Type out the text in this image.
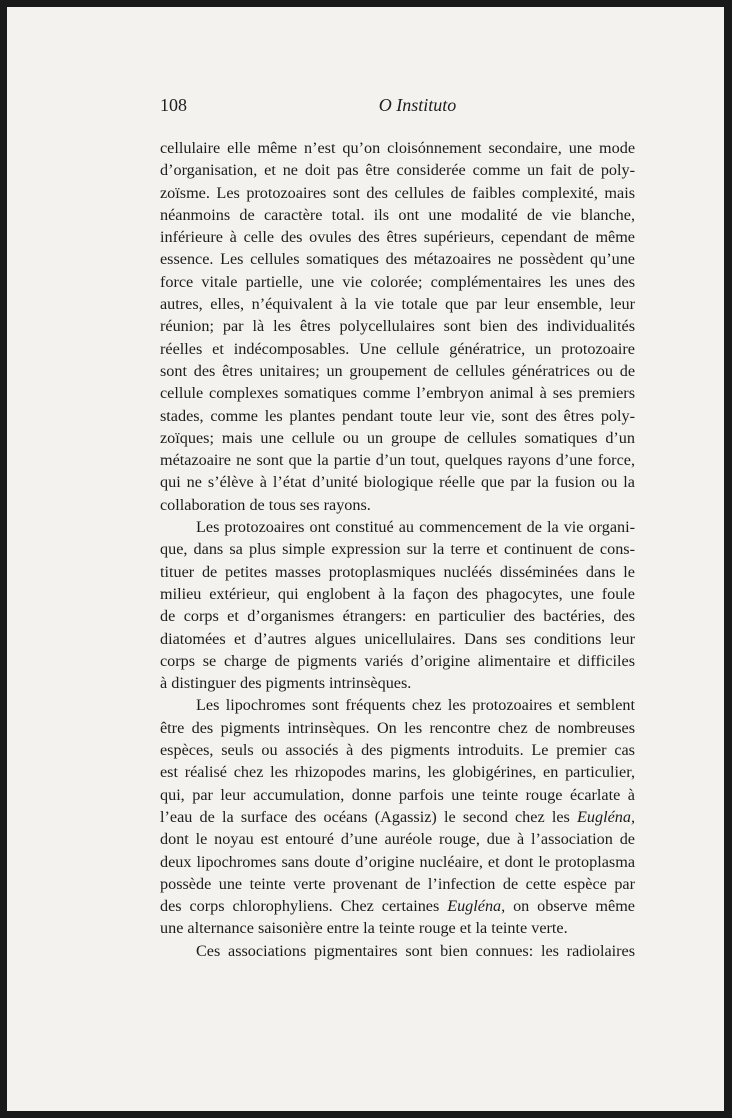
108	O Instituto
cellulaire elle même n’est qu’on cloisónnement secondaire, une mode
d’organisation, et ne doit pas être considerée comme un fait de poly-
zoïsme. Les protozoaires sont des cellules de faibles complexité, mais
néanmoins de caractère total. ils ont une modalité de vie blanche,
inférieure à celle des ovules des êtres supérieurs, cependant de même
essence. Les cellules somatiques des métazoaires ne possèdent qu’une
force vitale partielle, une vie colorée; complémentaires les unes des
autres, elles, n’équivalent à la vie totale que par leur ensemble, leur
réunion; par là les êtres polycellulaires sont bien des individualités
réelles et indécomposables. Une cellule génératrice, un protozoaire
sont des êtres unitaires; un groupement de cellules génératrices ou de
cellule complexes somatiques comme l’embryon animal à ses premiers
stades, comme les plantes pendant toute leur vie, sont des êtres poly-
zoïques; mais une cellule ou un groupe de cellules somatiques d’un
métazoaire ne sont que la partie d’un tout, quelques rayons d’une force,
qui ne s’élève à l’état d’unité biologique réelle que par la fusion ou la
collaboration de tous ses rayons.
Les protozoaires ont constitué au commencement de la vie organi-
que, dans sa plus simple expression sur la terre et continuent de cons-
tituer de petites masses protoplasmiques nucléés disséminées dans le
milieu extérieur, qui englobent à la façon des phagocytes, une foule
de corps et d’organismes étrangers: en particulier des bactéries, des
diatomées et d’autres algues unicellulaires. Dans ses conditions leur
corps se charge de pigments variés d’origine alimentaire et difficiles
à distinguer des pigments intrinsèques.
Les lipochromes sont fréquents chez les protozoaires et semblent
être des pigments intrinsèques. On les rencontre chez de nombreuses
espèces, seuls ou associés à des pigments introduits. Le premier cas
est réalisé chez les rhizopodes marins, les globigérines, en particulier,
qui, par leur accumulation, donne parfois une teinte rouge écarlate à
l’eau de la surface des océans (Agassiz) le second chez les Eugléna,
dont le noyau est entouré d’une auréole rouge, due à l’association de
deux lipochromes sans doute d’origine nucléaire, et dont le protoplasma
possède une teinte verte provenant de l’infection de cette espèce par
des corps chlorophyliens. Chez certaines Eugléna, on observe même
une alternance saisonière entre la teinte rouge et la teinte verte.
Ces associations pigmentaires sont bien connues: les radiolaires
